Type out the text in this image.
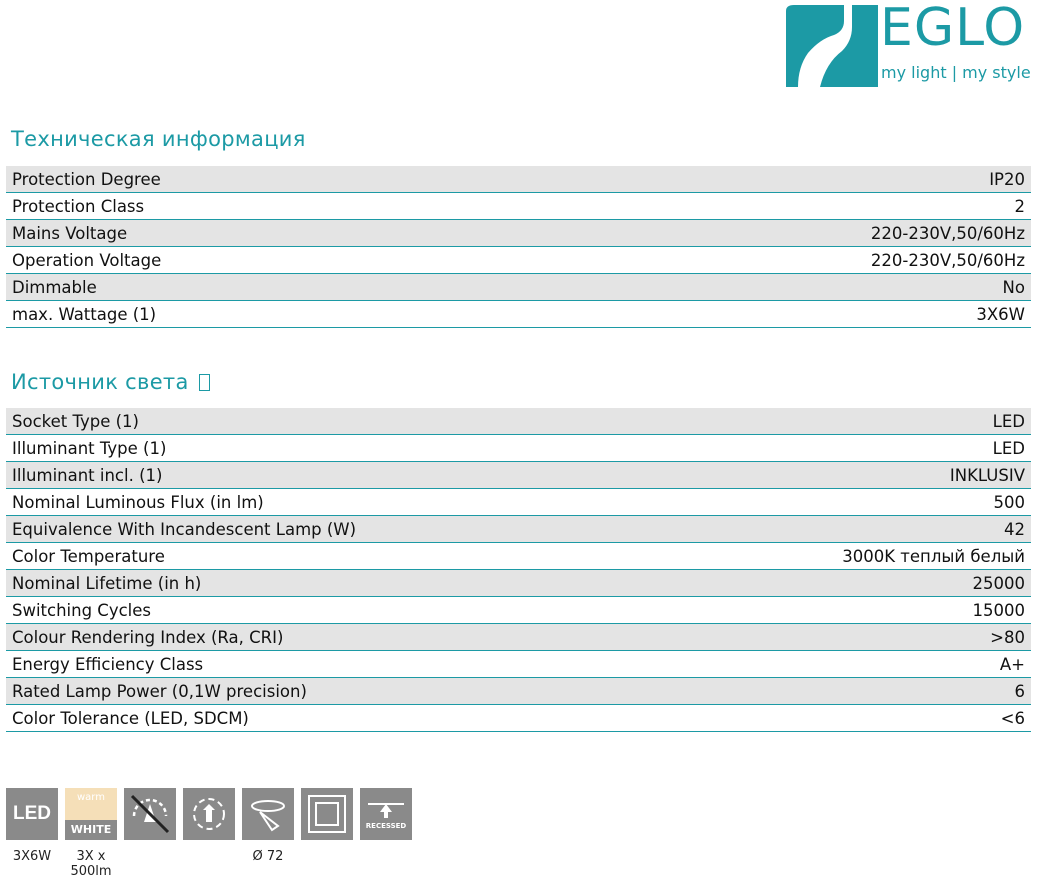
EGLO
my light | my style
Техническая информация
Protection Degree	IP20
Protection Class	2
Mains Voltage	220-230V,50/60Hz
Operation Voltage	220-230V,50/60Hz
Dimmable	No
max. Wattage (1)	3X6W
Источник света
Socket Type (1)	LED
Illuminant Type (1)	LED
Illuminant incl. (1)	INKLUSIV
Nominal Luminous Flux (in lm)	500
Equivalence With Incandescent Lamp (W)	42
Color Temperature	3000K теплый белый
Nominal Lifetime (in h)	25000
Switching Cycles	15000
Colour Rendering Index (Ra, CRI)	>80
Energy Efficiency Class	A+
Rated Lamp Power (0,1W precision)	6
Color Tolerance (LED, SDCM)	<6
LED
3X6W
warm
WHITE
3X x 500lm
Ø 72
RECESSED
